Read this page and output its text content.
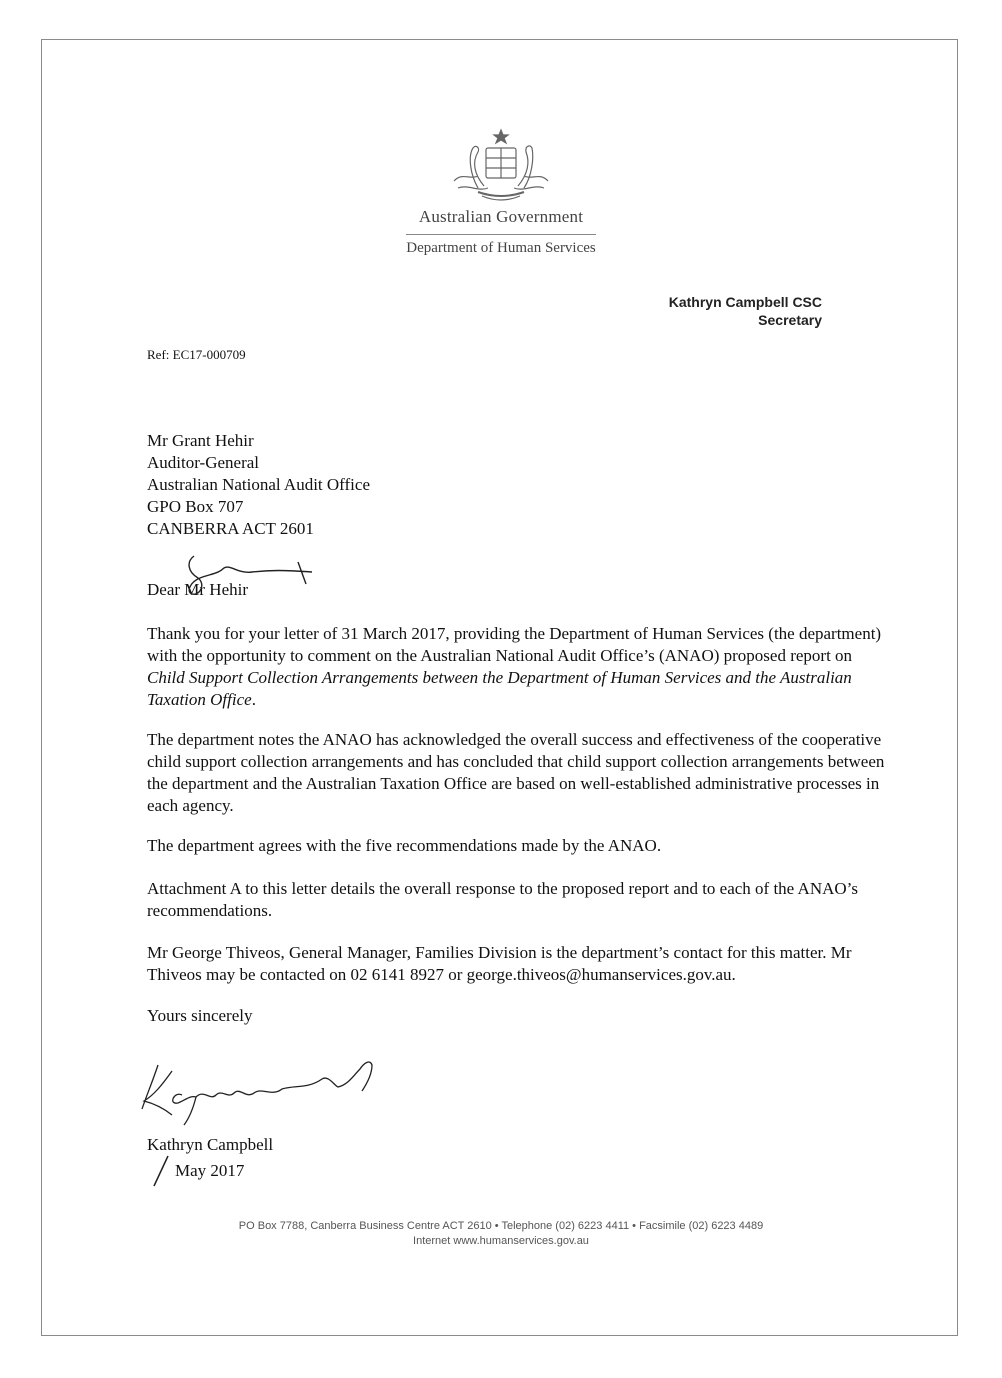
Australian Government
Department of Human Services
Kathryn Campbell CSC
Secretary
Ref: EC17-000709
Mr Grant Hehir
Auditor-General
Australian National Audit Office
GPO Box 707
CANBERRA ACT 2601
Dear Mr Hehir
Thank you for your letter of 31 March 2017, providing the Department of Human Services (the department) with the opportunity to comment on the Australian National Audit Office’s (ANAO) proposed report on Child Support Collection Arrangements between the Department of Human Services and the Australian Taxation Office.
The department notes the ANAO has acknowledged the overall success and effectiveness of the cooperative child support collection arrangements and has concluded that child support collection arrangements between the department and the Australian Taxation Office are based on well-established administrative processes in each agency.
The department agrees with the five recommendations made by the ANAO.
Attachment A to this letter details the overall response to the proposed report and to each of the ANAO’s recommendations.
Mr George Thiveos, General Manager, Families Division is the department’s contact for this matter. Mr Thiveos may be contacted on 02 6141 8927 or george.thiveos@humanservices.gov.au.
Yours sincerely
Kathryn Campbell
May 2017
PO Box 7788, Canberra Business Centre ACT 2610 • Telephone (02) 6223 4411 • Facsimile (02) 6223 4489
Internet www.humanservices.gov.au
